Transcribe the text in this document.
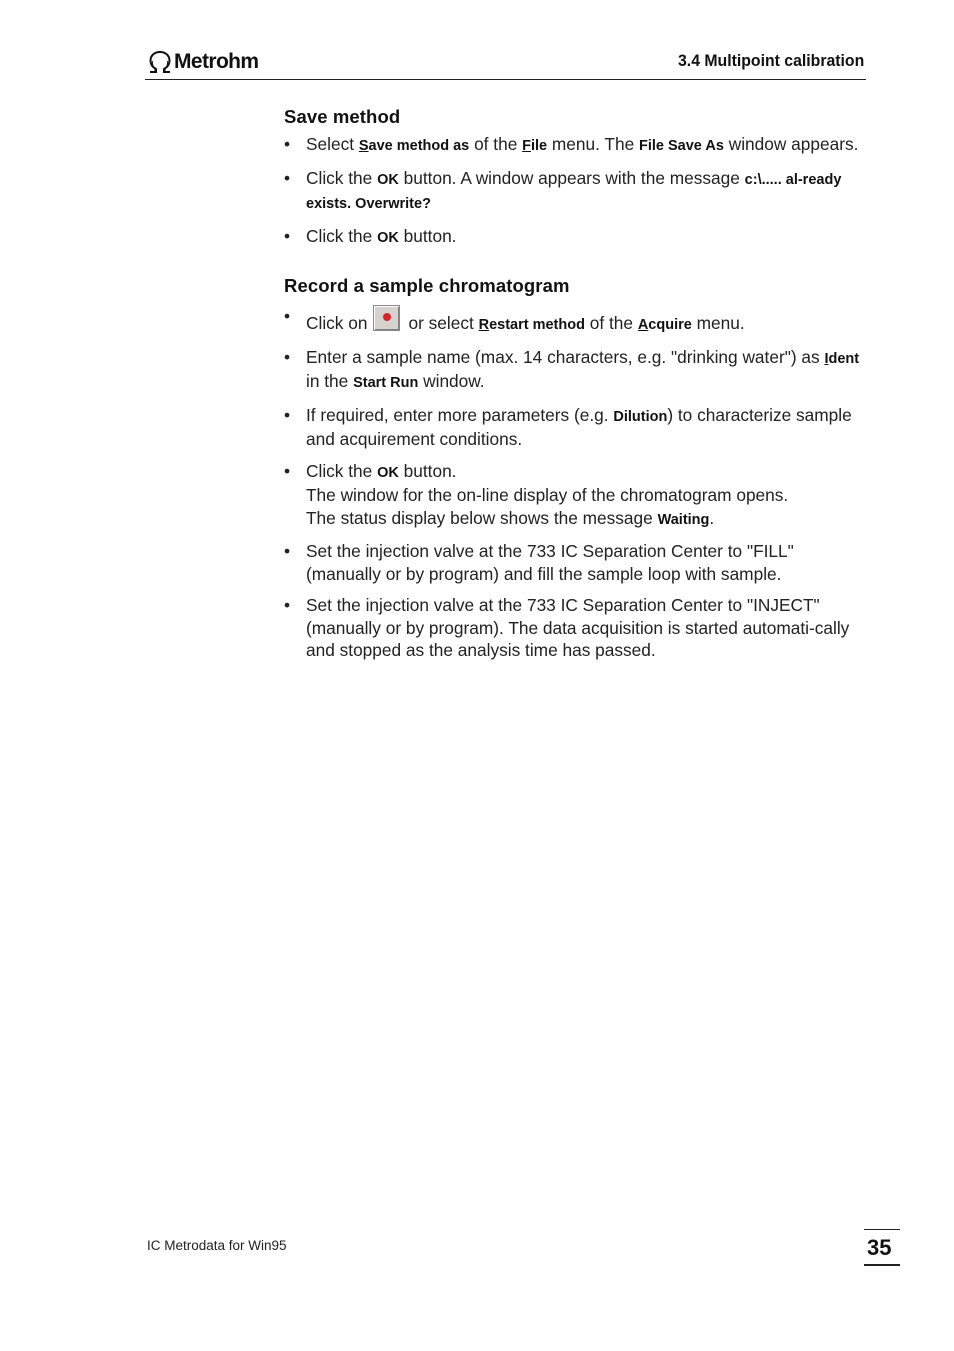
Metrohm	3.4 Multipoint calibration
Save method
• Select Save method as of the File menu. The File Save As window appears.
• Click the OK button. A window appears with the message c:\..... al-ready exists. Overwrite?
• Click the OK button.
Record a sample chromatogram
• Click on or select Restart method of the Acquire menu.
• Enter a sample name (max. 14 characters, e.g. "drinking water") as Ident in the Start Run window.
• If required, enter more parameters (e.g. Dilution) to characterize sample and acquirement conditions.
• Click the OK button.
The window for the on-line display of the chromatogram opens.
The status display below shows the message Waiting.
• Set the injection valve at the 733 IC Separation Center to "FILL" (manually or by program) and fill the sample loop with sample.
• Set the injection valve at the 733 IC Separation Center to "INJECT" (manually or by program). The data acquisition is started automati-cally and stopped as the analysis time has passed.
IC Metrodata for Win95	35
